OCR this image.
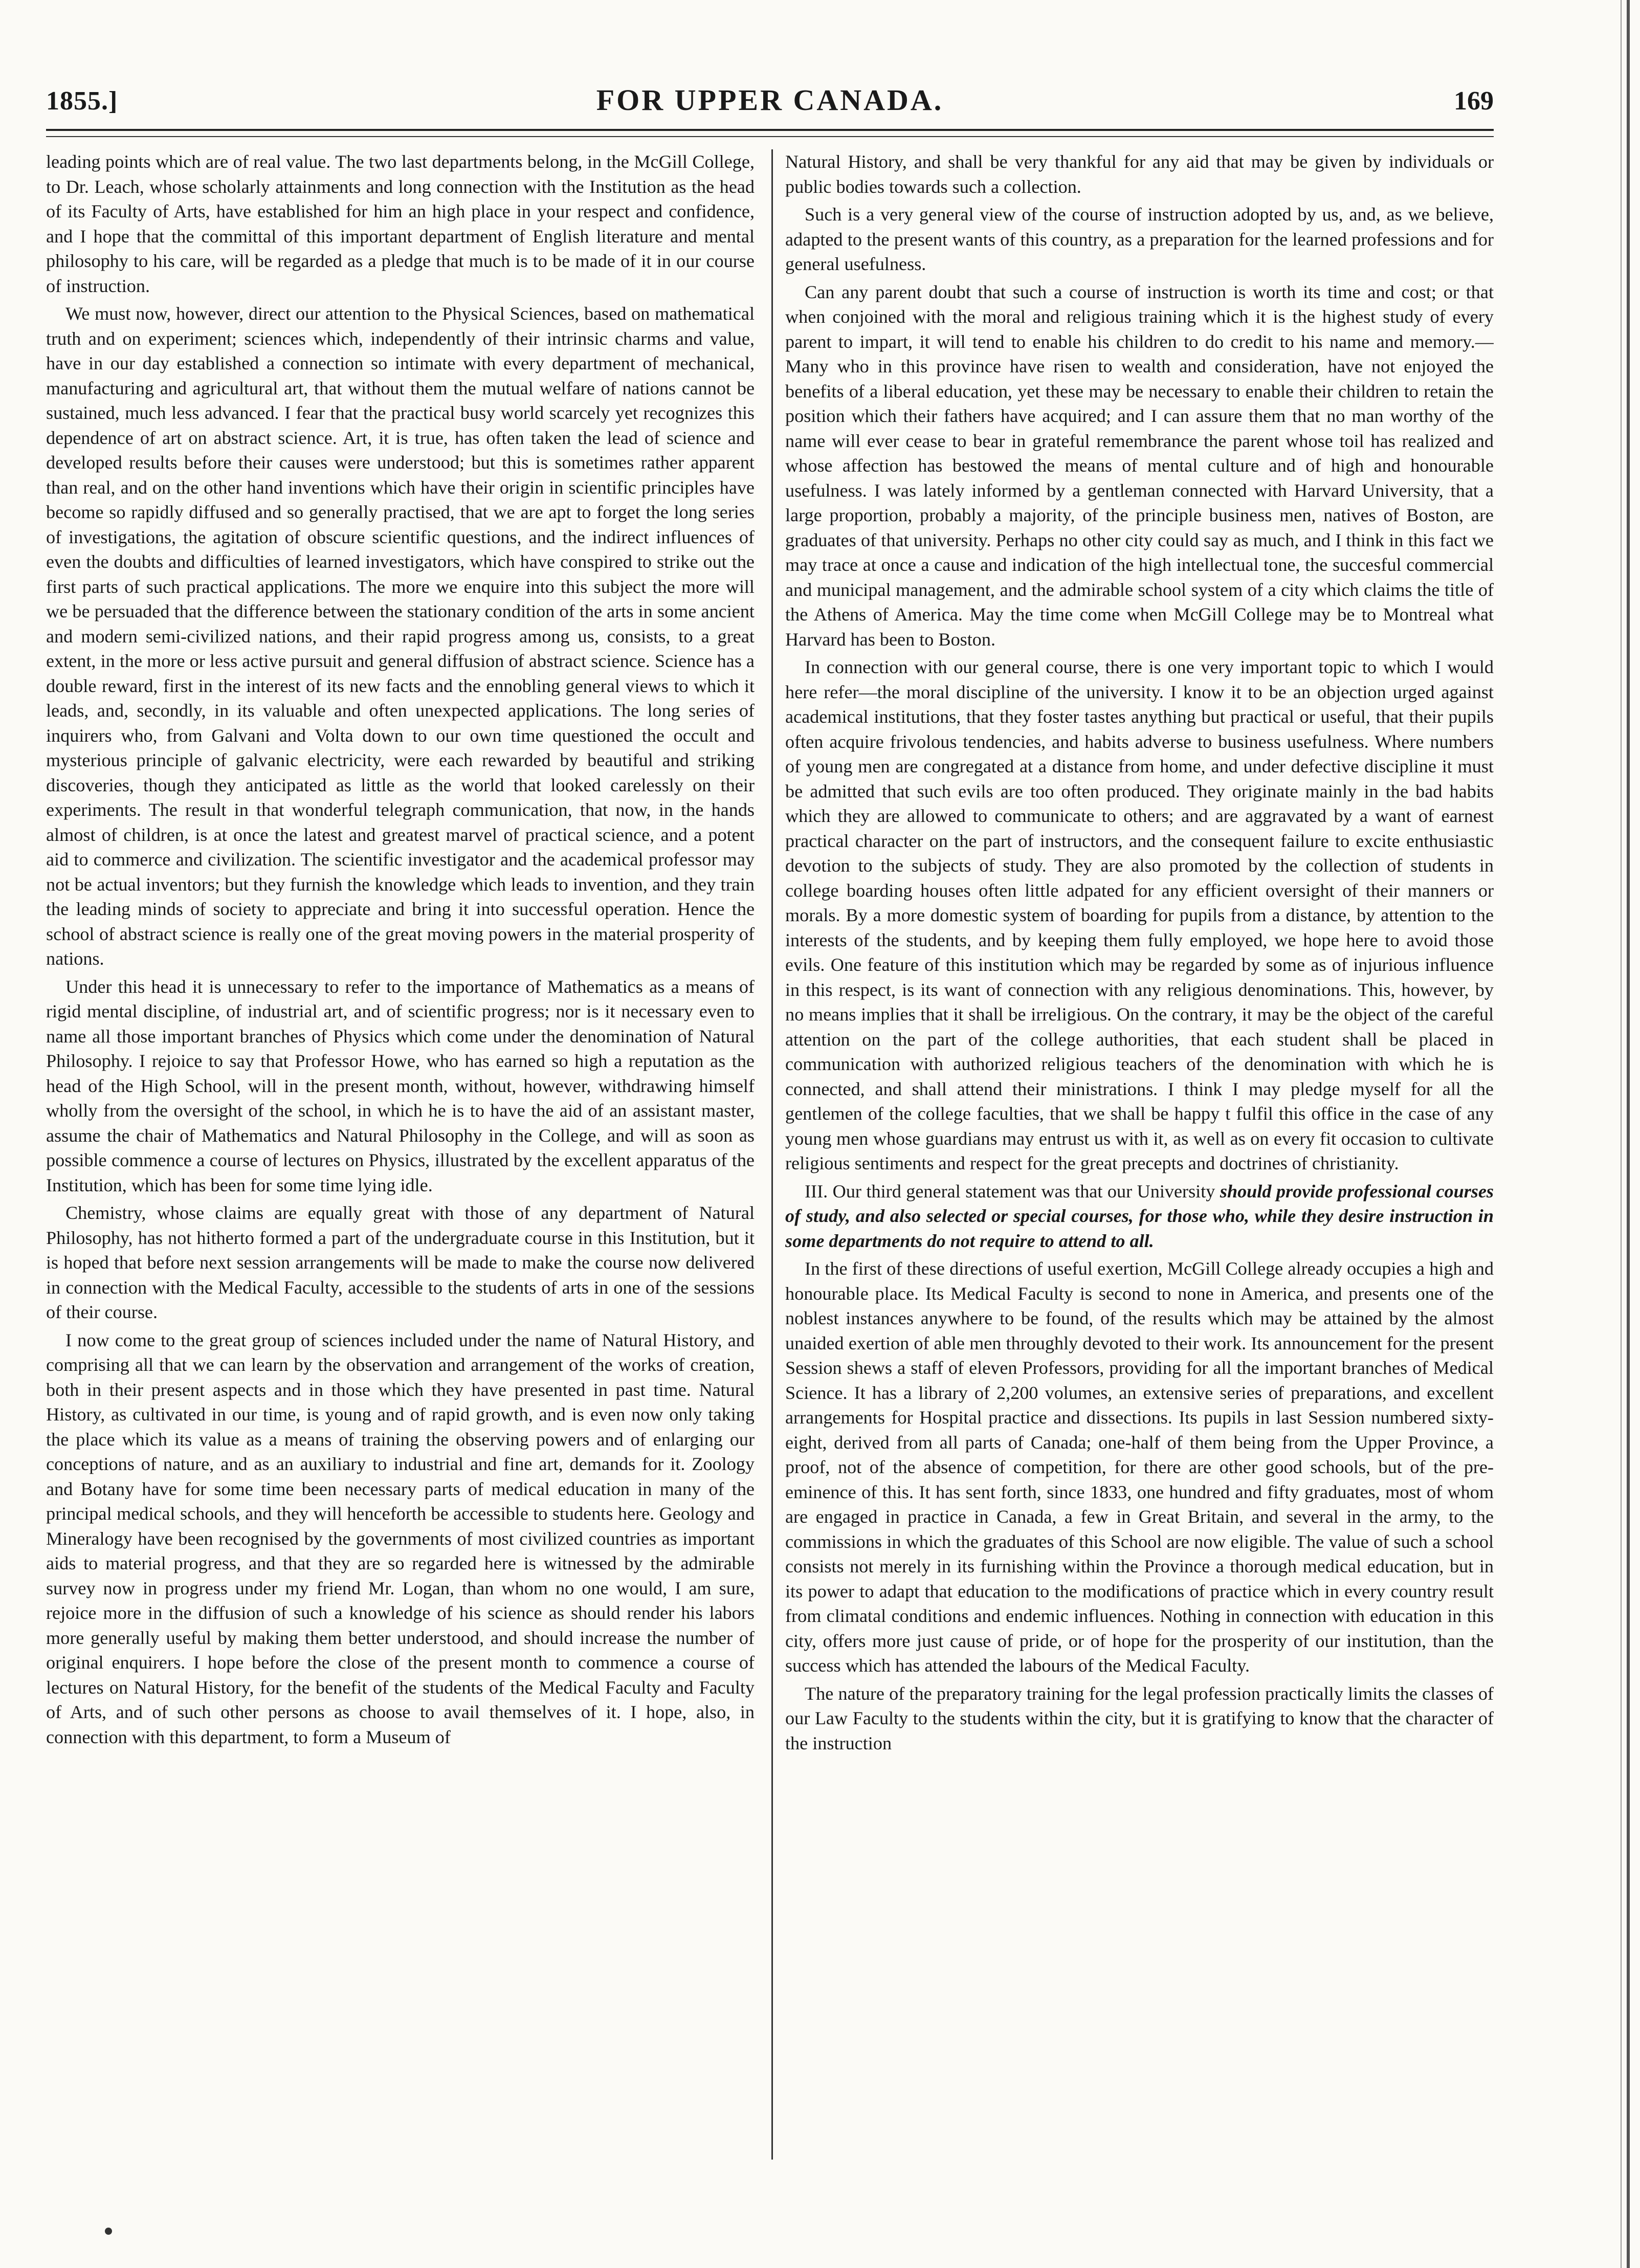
1855.]	FOR UPPER CANADA.	169

leading points which are of real value. The two last departments belong, in the McGill College, to Dr. Leach, whose scholarly attainments and long connection with the Institution as the head of its Faculty of Arts, have established for him an high place in your respect and confidence, and I hope that the committal of this important department of English literature and mental philosophy to his care, will be regarded as a pledge that much is to be made of it in our course of instruction.

We must now, however, direct our attention to the Physical Sciences, based on mathematical truth and on experiment; sciences which, independently of their intrinsic charms and value, have in our day established a connection so intimate with every department of mechanical, manufacturing and agricultural art, that without them the mutual welfare of nations cannot be sustained, much less advanced. I fear that the practical busy world scarcely yet recognizes this dependence of art on abstract science. Art, it is true, has often taken the lead of science and developed results before their causes were understood; but this is sometimes rather apparent than real, and on the other hand inventions which have their origin in scientific principles have become so rapidly diffused and so generally practised, that we are apt to forget the long series of investigations, the agitation of obscure scientific questions, and the indirect influences of even the doubts and difficulties of learned investigators, which have conspired to strike out the first parts of such practical applications. The more we enquire into this subject the more will we be persuaded that the difference between the stationary condition of the arts in some ancient and modern semi-civilized nations, and their rapid progress among us, consists, to a great extent, in the more or less active pursuit and general diffusion of abstract science. Science has a double reward, first in the interest of its new facts and the ennobling general views to which it leads, and, secondly, in its valuable and often unexpected applications. The long series of inquirers who, from Galvani and Volta down to our own time questioned the occult and mysterious principle of galvanic electricity, were each rewarded by beautiful and striking discoveries, though they anticipated as little as the world that looked carelessly on their experiments. The result in that wonderful telegraph communication, that now, in the hands almost of children, is at once the latest and greatest marvel of practical science, and a potent aid to commerce and civilization. The scientific investigator and the academical professor may not be actual inventors; but they furnish the knowledge which leads to invention, and they train the leading minds of society to appreciate and bring it into successful operation. Hence the school of abstract science is really one of the great moving powers in the material prosperity of nations.

Under this head it is unnecessary to refer to the importance of Mathematics as a means of rigid mental discipline, of industrial art, and of scientific progress; nor is it necessary even to name all those important branches of Physics which come under the denomination of Natural Philosophy. I rejoice to say that Professor Howe, who has earned so high a reputation as the head of the High School, will in the present month, without, however, withdrawing himself wholly from the oversight of the school, in which he is to have the aid of an assistant master, assume the chair of Mathematics and Natural Philosophy in the College, and will as soon as possible commence a course of lectures on Physics, illustrated by the excellent apparatus of the Institution, which has been for some time lying idle.

Chemistry, whose claims are equally great with those of any department of Natural Philosophy, has not hitherto formed a part of the undergraduate course in this Institution, but it is hoped that before next session arrangements will be made to make the course now delivered in connection with the Medical Faculty, accessible to the students of arts in one of the sessions of their course.

I now come to the great group of sciences included under the name of Natural History, and comprising all that we can learn by the observation and arrangement of the works of creation, both in their present aspects and in those which they have presented in past time. Natural History, as cultivated in our time, is young and of rapid growth, and is even now only taking the place which its value as a means of training the observing powers and of enlarging our conceptions of nature, and as an auxiliary to industrial and fine art, demands for it. Zoology and Botany have for some time been necessary parts of medical education in many of the principal medical schools, and they will henceforth be accessible to students here. Geology and Mineralogy have been recognised by the governments of most civilized countries as important aids to material progress, and that they are so regarded here is witnessed by the admirable survey now in progress under my friend Mr. Logan, than whom no one would, I am sure, rejoice more in the diffusion of such a knowledge of his science as should render his labors more generally useful by making them better understood, and should increase the number of original enquirers. I hope before the close of the present month to commence a course of lectures on Natural History, for the benefit of the students of the Medical Faculty and Faculty of Arts, and of such other persons as choose to avail themselves of it. I hope, also, in connection with this department, to form a Museum of

Natural History, and shall be very thankful for any aid that may be given by individuals or public bodies towards such a collection.

Such is a very general view of the course of instruction adopted by us, and, as we believe, adapted to the present wants of this country, as a preparation for the learned professions and for general usefulness.

Can any parent doubt that such a course of instruction is worth its time and cost; or that when conjoined with the moral and religious training which it is the highest study of every parent to impart, it will tend to enable his children to do credit to his name and memory.— Many who in this province have risen to wealth and consideration, have not enjoyed the benefits of a liberal education, yet these may be necessary to enable their children to retain the position which their fathers have acquired; and I can assure them that no man worthy of the name will ever cease to bear in grateful remembrance the parent whose toil has realized and whose affection has bestowed the means of mental culture and of high and honourable usefulness. I was lately informed by a gentleman connected with Harvard University, that a large proportion, probably a majority, of the principle business men, natives of Boston, are graduates of that university. Perhaps no other city could say as much, and I think in this fact we may trace at once a cause and indication of the high intellectual tone, the succesful commercial and municipal management, and the admirable school system of a city which claims the title of the Athens of America. May the time come when McGill College may be to Montreal what Harvard has been to Boston.

In connection with our general course, there is one very important topic to which I would here refer—the moral discipline of the university. I know it to be an objection urged against academical institutions, that they foster tastes anything but practical or useful, that their pupils often acquire frivolous tendencies, and habits adverse to business usefulness. Where numbers of young men are congregated at a distance from home, and under defective discipline it must be admitted that such evils are too often produced. They originate mainly in the bad habits which they are allowed to communicate to others; and are aggravated by a want of earnest practical character on the part of instructors, and the consequent failure to excite enthusiastic devotion to the subjects of study. They are also promoted by the collection of students in college boarding houses often little adpated for any efficient oversight of their manners or morals. By a more domestic system of boarding for pupils from a distance, by attention to the interests of the students, and by keeping them fully employed, we hope here to avoid those evils. One feature of this institution which may be regarded by some as of injurious influence in this respect, is its want of connection with any religious denominations. This, however, by no means implies that it shall be irreligious. On the contrary, it may be the object of the careful attention on the part of the college authorities, that each student shall be placed in communication with authorized religious teachers of the denomination with which he is connected, and shall attend their ministrations. I think I may pledge myself for all the gentlemen of the college faculties, that we shall be happy t fulfil this office in the case of any young men whose guardians may entrust us with it, as well as on every fit occasion to cultivate religious sentiments and respect for the great precepts and doctrines of christianity.

III. Our third general statement was that our University should provide professional courses of study, and also selected or special courses, for those who, while they desire instruction in some departments do not require to attend to all.

In the first of these directions of useful exertion, McGill College already occupies a high and honourable place. Its Medical Faculty is second to none in America, and presents one of the noblest instances anywhere to be found, of the results which may be attained by the almost unaided exertion of able men throughly devoted to their work. Its announcement for the present Session shews a staff of eleven Professors, providing for all the important branches of Medical Science. It has a library of 2,200 volumes, an extensive series of preparations, and excellent arrangements for Hospital practice and dissections. Its pupils in last Session numbered sixty-eight, derived from all parts of Canada; one-half of them being from the Upper Province, a proof, not of the absence of competition, for there are other good schools, but of the pre-eminence of this. It has sent forth, since 1833, one hundred and fifty graduates, most of whom are engaged in practice in Canada, a few in Great Britain, and several in the army, to the commissions in which the graduates of this School are now eligible. The value of such a school consists not merely in its furnishing within the Province a thorough medical education, but in its power to adapt that education to the modifications of practice which in every country result from climatal conditions and endemic influences. Nothing in connection with education in this city, offers more just cause of pride, or of hope for the prosperity of our institution, than the success which has attended the labours of the Medical Faculty.

The nature of the preparatory training for the legal profession practically limits the classes of our Law Faculty to the students within the city, but it is gratifying to know that the character of the instruction
